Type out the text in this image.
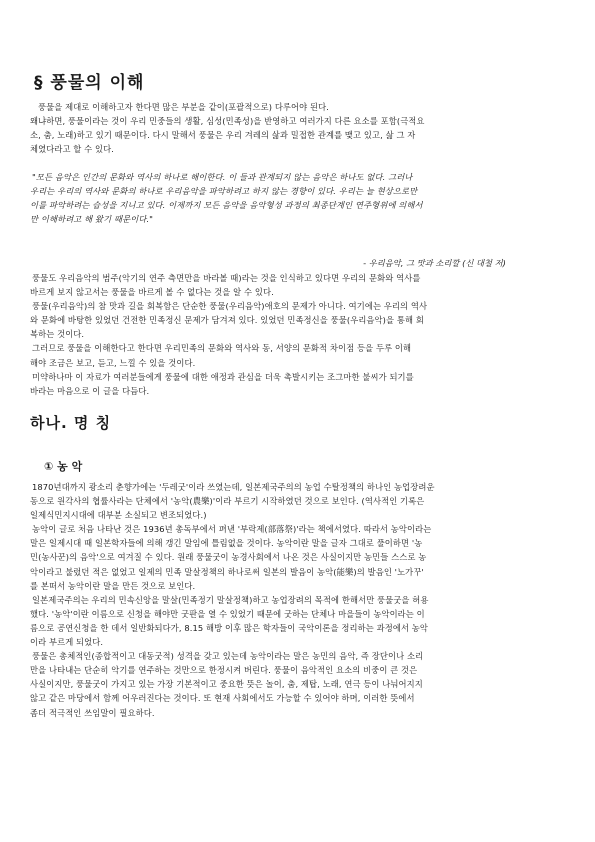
§ 풍물의 이해
풍물을 제대로 이해하고자 한다면 많은 부분을 같이(포괄적으로) 다루어야 된다.
왜냐하면, 풍물이라는 것이 우리 민중들의 생활, 심성(민족성)을 반영하고 여러가지 다른 요소를 포함(극적요
소, 춤, 노래)하고 있기 때문이다. 다시 말해서 풍물은 우리 겨레의 삶과 밀접한 관계를 맺고 있고, 삶 그 자
체였다라고 할 수 있다.
"모든 음악은 인간의 문화와 역사의 하나로 해이한다. 이 들과 관계되지 않는 음악은 하나도 없다. 그러나
우리는 우리의 역사와 문화의 하나로 우리음악을 파악하려고 하지 않는 경향이 있다. 우리는 늘 현상으로만
이를 파악하려는 습성을 지니고 있다. 이제까지 모든 음악을 음악형성 과정의 최종단계인 연주형위에 의해서
만 이해하려고 해 왔기 때문이다."
- 우리음악, 그 맛과 소리깔 (신 대철 저)
풍물도 우리음악의 범주(악기의 연주 측면만을 바라볼 때)라는 것을 인식하고 있다면 우리의 문화와 역사를
바르게 보지 않고서는 풍물을 바르게 볼 수 없다는 것을 알 수 있다.
풍물(우리음악)의 참 맛과 길을 회복함은 단순한 풍물(우리음악)애호의 문제가 아니다. 여기에는 우리의 역사
와 문화에 바탕한 있었던 건전한 민족정신 문제가 담겨져 있다. 있었던 민족정신을 풍물(우리음악)을 통해 회
복하는 것이다.
그러므로 풍물을 이해한다고 한다면 우리민족의 문화와 역사와 동, 서양의 문화적 차이점 등을 두루 이해
해야 조금은 보고, 듣고, 느낄 수 있을 것이다.
미약하나마 이 자료가 여러분들에게 풍물에 대한 애정과 관심을 더욱 촉발시키는 조그마한 불씨가 되기를
바라는 마음으로 이 글을 다듬다.
하나. 명 칭
① 농 악
1870년대까지 광소리 춘향가에는 '두레굿'이라 쓰였는데, 일본제국주의의 농업 수탈정책의 하나인 농업장려운
동으로 원각사의 협률사라는 단체에서 '농악(農樂)'이라 부르기 시작하였던 것으로 보인다. (역사적인 기록은
일제식민지시대에 대부분 소실되고 변조되었다.)
농악이 글로 처음 나타난 것은 1936년 총독부에서 펴낸 '부락제(部落祭)'라는 책에서였다. 따라서 농악이라는
말은 일제시대 때 일본학자들에 의해 갱긴 말임에 틀림없을 것이다. 농악이란 말을 글자 그대로 풀이하면 '농
민(농사꾼)의 음악'으로 여겨질 수 있다. 원래 풍물굿이 농경사회에서 나온 것은 사실이지만 농민들 스스로 농
악이라고 불렀던 적은 없었고 일제의 민족 말살정책의 하나로써 일본의 발음이 농악(能樂)의 발음인 '노가꾸'
를 본떠서 농악이란 말을 만든 것으로 보인다.
일본제국주의는 우리의 민속신앙을 말살(민족정기 말살정책)하고 농업장려의 목적에 한해서만 풍물굿을 허용
했다. '농악'이란 이름으로 신청을 해야만 굿판을 열 수 있었기 때문에 굿하는 단체나 마을들이 농악이라는 이
름으로 공연신청을 한 데서 일반화되다가, 8.15 해방 이후 많은 학자들이 국악이론을 정리하는 과정에서 농악
이라 부르게 되었다.
풍물은 총체적인(종합적이고 대동굿적) 성격을 갖고 있는데 농악이라는 말은 농민의 음악, 즉 장단이나 소리
만을 나타내는 단순히 악기를 연주하는 것만으로 한정시켜 버린다. 풍물이 음악적인 요소의 비중이 큰 것은
사실이지만, 풍물굿이 가지고 있는 가장 기본적이고 중요한 뜻은 놀이, 춤, 제탑, 노래, 연극 등이 나눠어지지
않고 같은 마당에서 함께 어우러진다는 것이다. 또 현재 사회에서도 가능할 수 있어야 하며, 이러한 뜻에서
좀더 적극적인 쓰임말이 필요하다.
